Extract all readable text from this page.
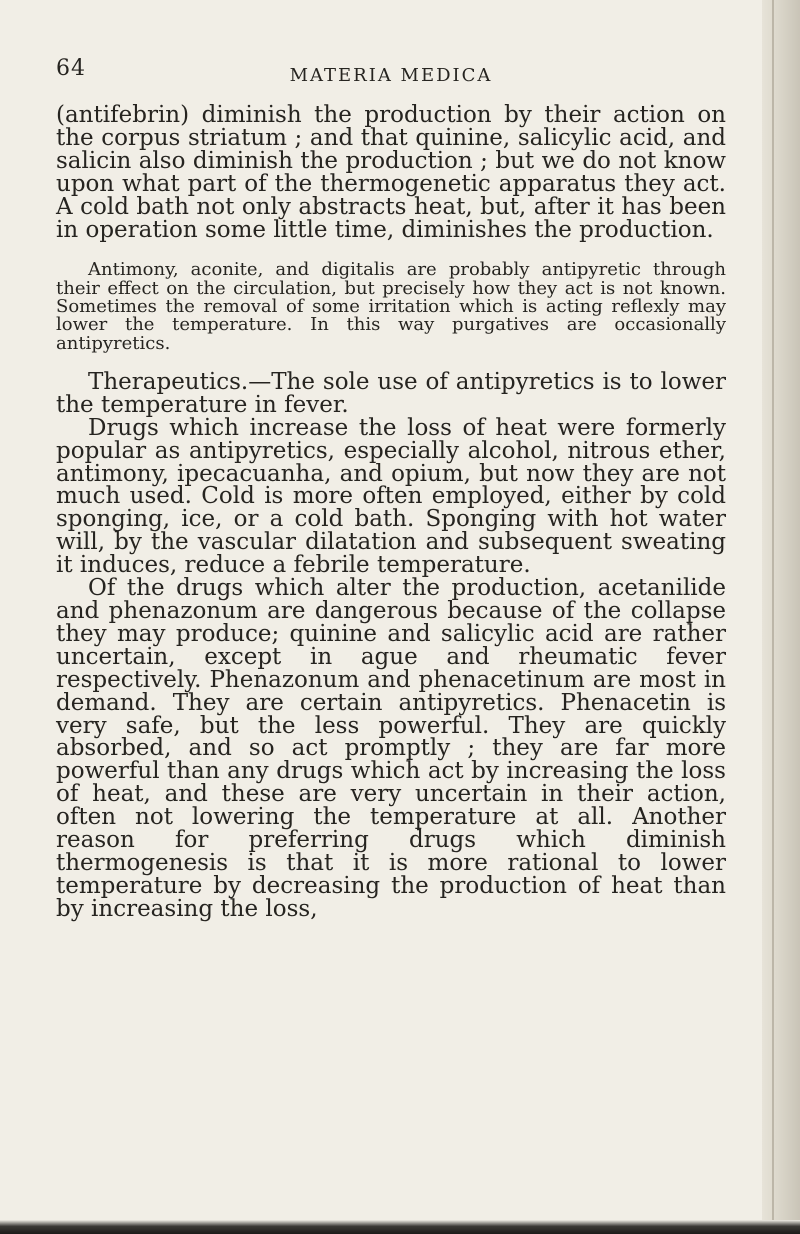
64	MATERIA MEDICA

(antifebrin) diminish the production by their action on the corpus striatum ; and that quinine, salicylic acid, and salicin also diminish the production ; but we do not know upon what part of the thermogenetic apparatus they act. A cold bath not only abstracts heat, but, after it has been in operation some little time, diminishes the production.

Antimony, aconite, and digitalis are probably antipyretic through their effect on the circulation, but precisely how they act is not known. Sometimes the removal of some irritation which is acting reflexly may lower the temperature. In this way purgatives are occasionally antipyretics.

Therapeutics.—The sole use of antipyretics is to lower the temperature in fever.

Drugs which increase the loss of heat were formerly popular as antipyretics, especially alcohol, nitrous ether, antimony, ipecacuanha, and opium, but now they are not much used. Cold is more often employed, either by cold sponging, ice, or a cold bath. Sponging with hot water will, by the vascular dilatation and subsequent sweating it induces, reduce a febrile temperature.

Of the drugs which alter the production, acetanilide and phenazonum are dangerous because of the collapse they may produce; quinine and salicylic acid are rather uncertain, except in ague and rheumatic fever respectively. Phenazonum and phenacetinum are most in demand. They are certain antipyretics. Phenacetin is very safe, but the less powerful. They are quickly absorbed, and so act promptly ; they are far more powerful than any drugs which act by increasing the loss of heat, and these are very uncertain in their action, often not lowering the temperature at all. Another reason for preferring drugs which diminish thermogenesis is that it is more rational to lower temperature by decreasing the production of heat than by increasing the loss,
